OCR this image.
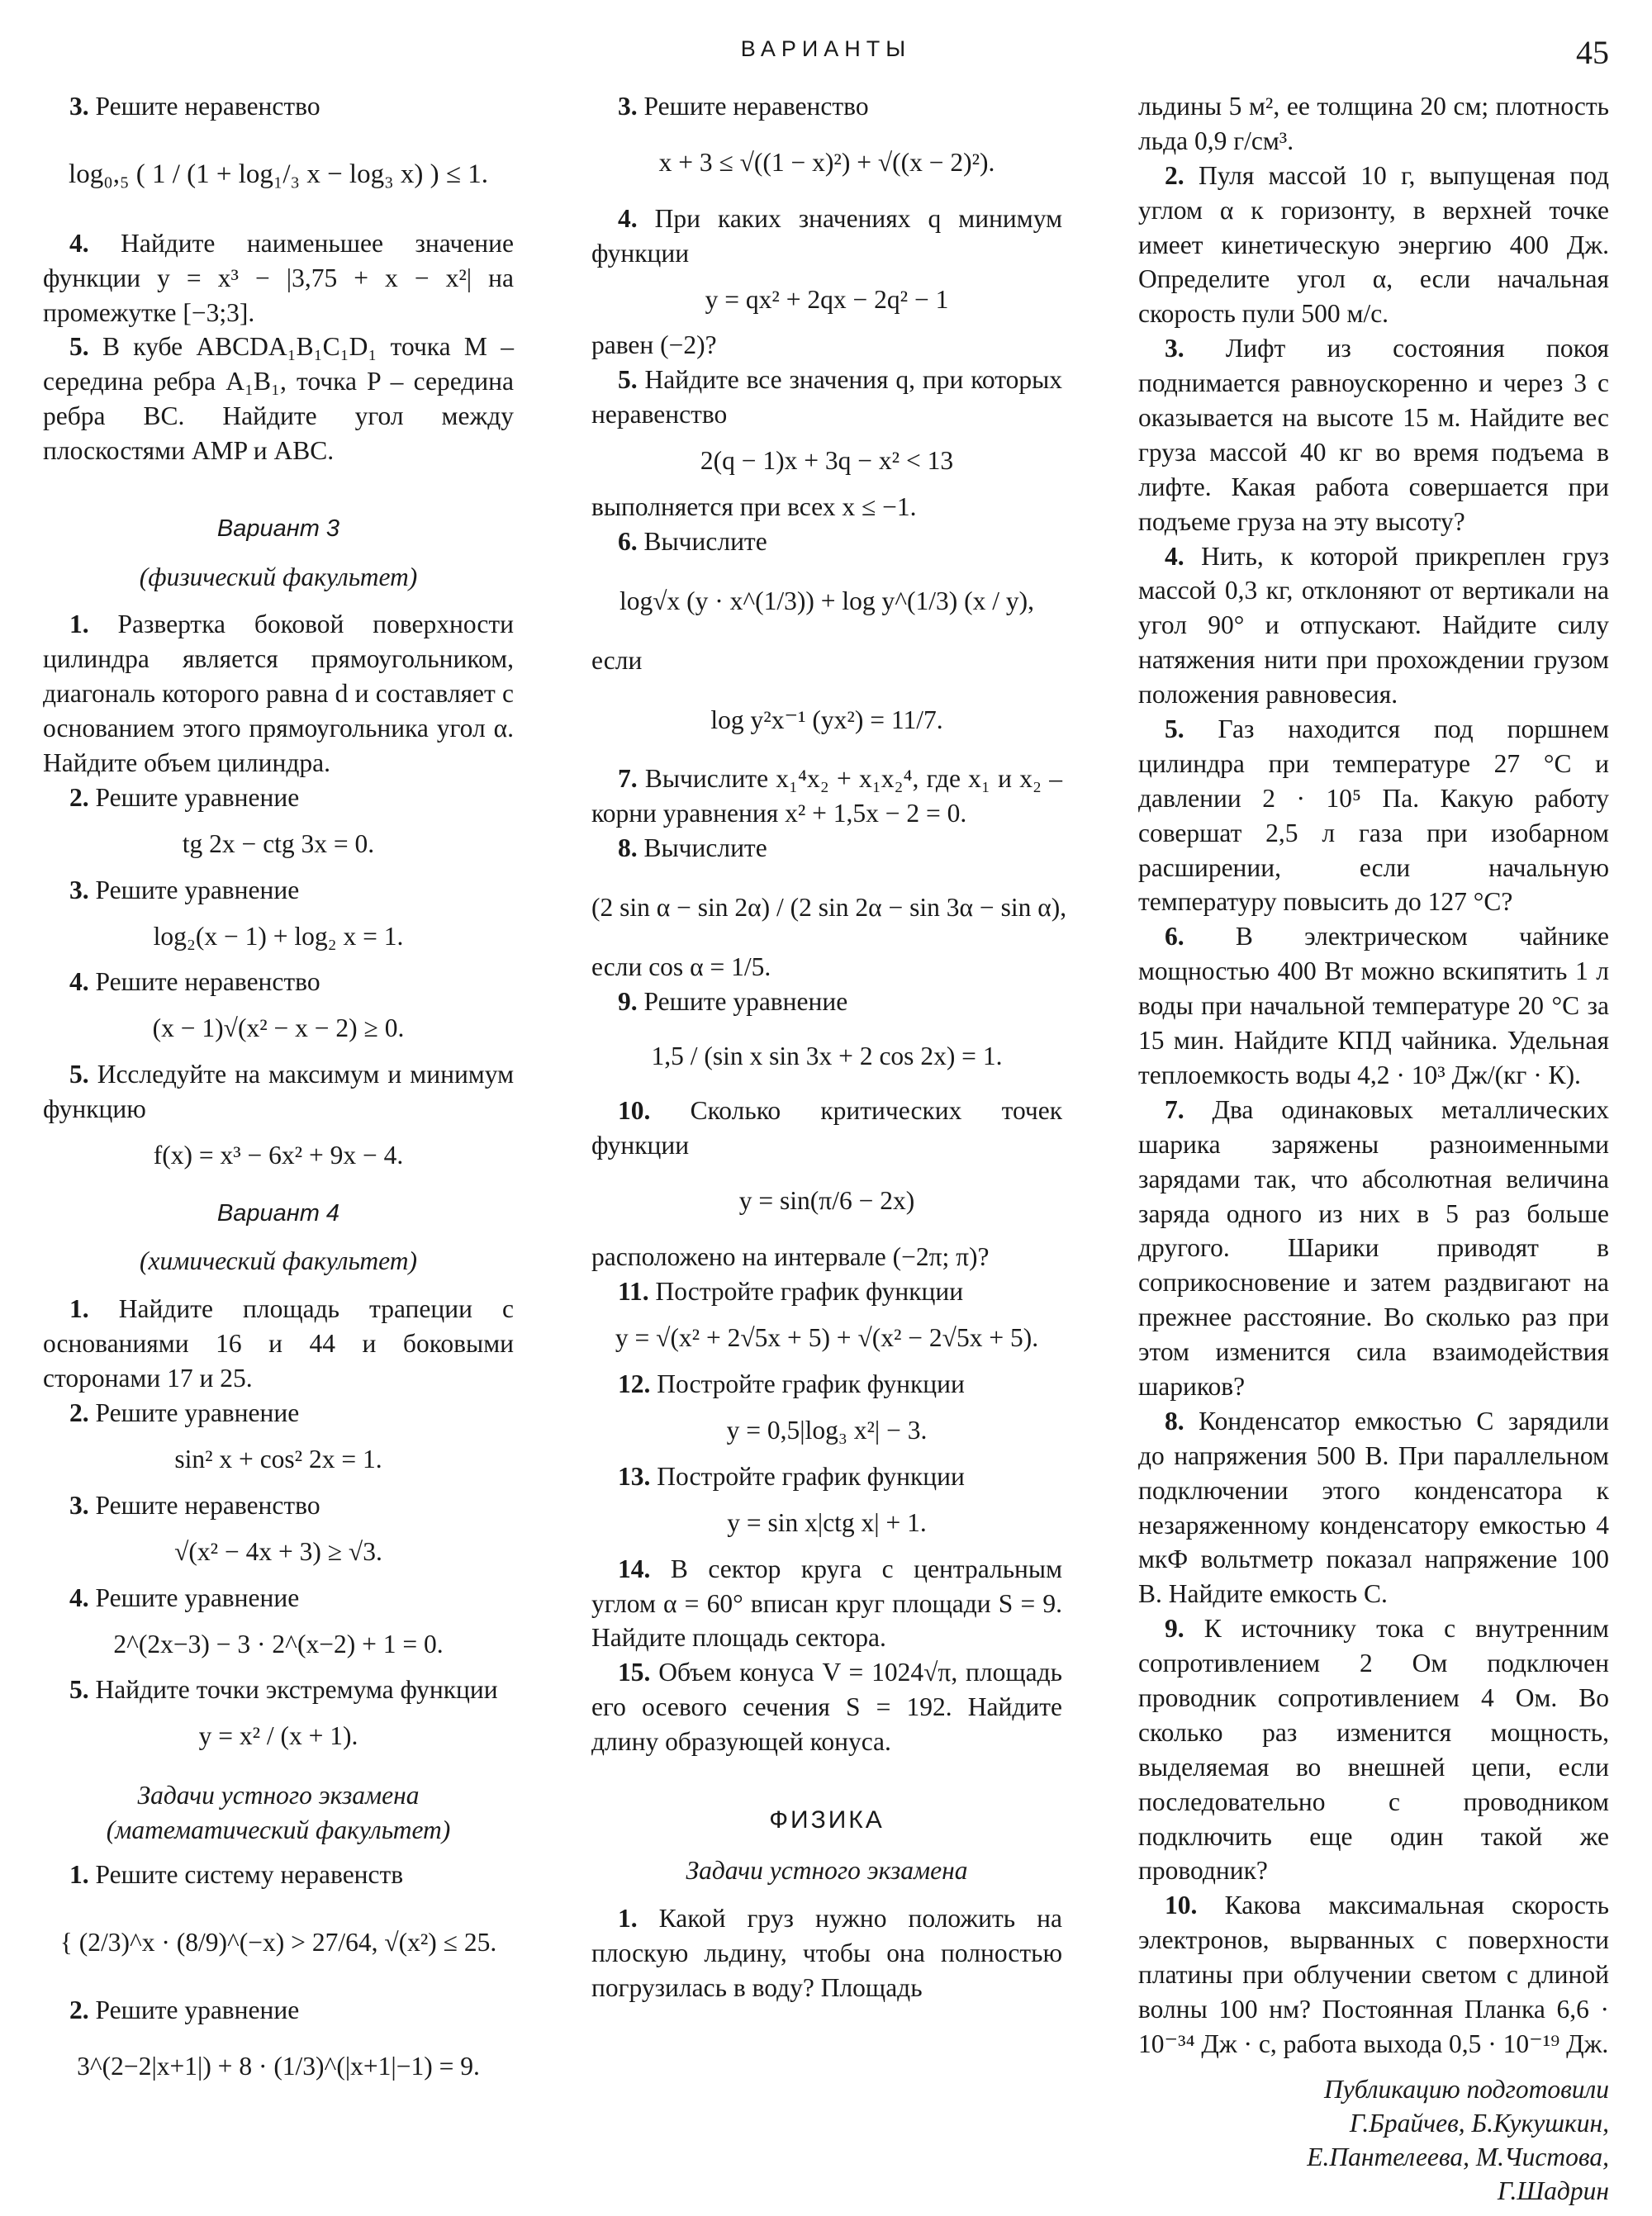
ВАРИАНТЫ	45

3. Решите неравенство

log₀,₅ ( 1 / (1 + log₁/₃ x − log₃ x) ) ≤ 1.

4. Найдите наименьшее значение функции y = x³ − |3,75 + x − x²| на промежутке [−3;3].

5. В кубе ABCDA₁B₁C₁D₁ точка M – середина ребра A₁B₁, точка P – середина ребра BC. Найдите угол между плоскостями AMP и ABC.

Вариант 3
(физический факультет)

1. Развертка боковой поверхности цилиндра является прямоугольником, диагональ которого равна d и составляет с основанием этого прямоугольника угол α. Найдите объем цилиндра.

2. Решите уравнение

tg 2x − ctg 3x = 0.

3. Решите уравнение

log₂(x − 1) + log₂ x = 1.

4. Решите неравенство

(x − 1)√(x² − x − 2) ≥ 0.

5. Исследуйте на максимум и минимум функцию

f(x) = x³ − 6x² + 9x − 4.
Вариант 4
(химический факультет)

1. Найдите площадь трапеции с основаниями 16 и 44 и боковыми сторонами 17 и 25.

2. Решите уравнение

sin² x + cos² 2x = 1.

3. Решите неравенство

√(x² − 4x + 3) ≥ √3.

4. Решите уравнение

2^(2x−3) − 3 · 2^(x−2) + 1 = 0.

5. Найдите точки экстремума функции

y = x² / (x + 1).
Задачи устного экзамена
(математический факультет)

1. Решите систему неравенств

{ (2/3)^x · (8/9)^(−x) > 27/64, √(x²) ≤ 25.

2. Решите уравнение

3^(2−2|x+1|) + 8 · (1/3)^(|x+1|−1) = 9.

3. Решите неравенство

x + 3 ≤ √((1 − x)²) + √((x − 2)²).

4. При каких значениях q минимум функции

y = qx² + 2qx − 2q² − 1

равен (−2)?

5. Найдите все значения q, при которых неравенство

2(q − 1)x + 3q − x² < 13

выполняется при всех x ≤ −1.

6. Вычислите

log√x (y · x^(1/3)) + log y^(1/3) (x / y),

если

log y²x⁻¹ (yx²) = 11/7.

7. Вычислите x₁⁴x₂ + x₁x₂⁴, где x₁ и x₂ – корни уравнения x² + 1,5x − 2 = 0.

8. Вычислите

(2 sin α − sin 2α) / (2 sin 2α − sin 3α − sin α),

если cos α = 1/5.

9. Решите уравнение

1,5 / (sin x sin 3x + 2 cos 2x) = 1.

10. Сколько критических точек функции

y = sin(π/6 − 2x)

расположено на интервале (−2π; π)?

11. Постройте график функции

y = √(x² + 2√5x + 5) + √(x² − 2√5x + 5).

12. Постройте график функции

y = 0,5|log₃ x²| − 3.

13. Постройте график функции

y = sin x|ctg x| + 1.

14. В сектор круга с центральным углом α = 60° вписан круг площади S = 9. Найдите площадь сектора.

15. Объем конуса V = 1024√π, площадь его осевого сечения S = 192. Найдите длину образующей конуса.

ФИЗИКА
Задачи устного экзамена

1. Какой груз нужно положить на плоскую льдину, чтобы она полностью погрузилась в воду? Площадь

льдины 5 м², ее толщина 20 см; плотность льда 0,9 г/см³.

2. Пуля массой 10 г, выпущеная под углом α к горизонту, в верхней точке имеет кинетическую энергию 400 Дж. Определите угол α, если начальная скорость пули 500 м/с.

3. Лифт из состояния покоя поднимается равноускоренно и через 3 с оказывается на высоте 15 м. Найдите вес груза массой 40 кг во время подъема в лифте. Какая работа совершается при подъеме груза на эту высоту?

4. Нить, к которой прикреплен груз массой 0,3 кг, отклоняют от вертикали на угол 90° и отпускают. Найдите силу натяжения нити при прохождении грузом положения равновесия.

5. Газ находится под поршнем цилиндра при температуре 27 °С и давлении 2 · 10⁵ Па. Какую работу совершат 2,5 л газа при изобарном расширении, если начальную температуру повысить до 127 °С?

6. В электрическом чайнике мощностью 400 Вт можно вскипятить 1 л воды при начальной температуре 20 °С за 15 мин. Найдите КПД чайника. Удельная теплоемкость воды 4,2 · 10³ Дж/(кг · К).

7. Два одинаковых металлических шарика заряжены разноименными зарядами так, что абсолютная величина заряда одного из них в 5 раз больше другого. Шарики приводят в соприкосновение и затем раздвигают на прежнее расстояние. Во сколько раз при этом изменится сила взаимодействия шариков?

8. Конденсатор емкостью C зарядили до напряжения 500 В. При параллельном подключении этого конденсатора к незаряженному конденсатору емкостью 4 мкФ вольтметр показал напряжение 100 В. Найдите емкость C.

9. К источнику тока с внутренним сопротивлением 2 Ом подключен проводник сопротивлением 4 Ом. Во сколько раз изменится мощность, выделяемая во внешней цепи, если последовательно с проводником подключить еще один такой же проводник?

10. Какова максимальная скорость электронов, вырванных с поверхности платины при облучении светом с длиной волны 100 нм? Постоянная Планка 6,6 · 10⁻³⁴ Дж · с, работа выхода 0,5 · 10⁻¹⁹ Дж.

Публикацию подготовили
Г.Брайчев, Б.Кукушкин, Е.Пантелеева, М.Чистова, Г.Шадрин
